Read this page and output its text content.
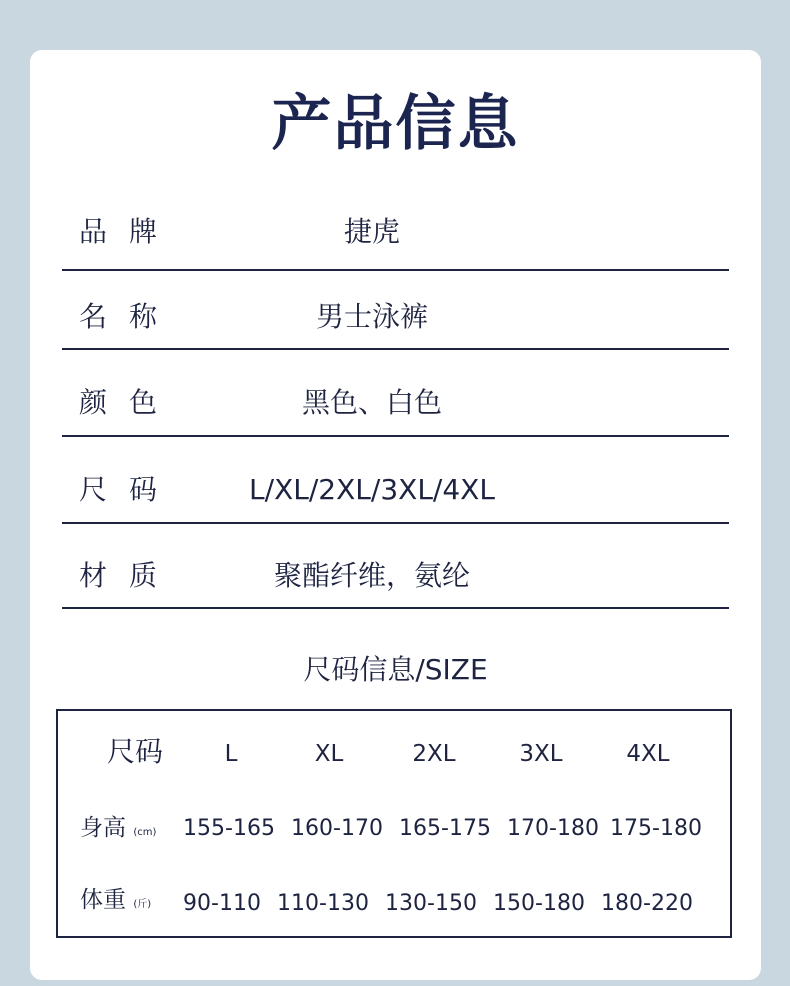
产品信息
品牌	捷虎
名称	男士泳裤
颜色	黑色、白色
尺码	L/XL/2XL/3XL/4XL
材质	聚酯纤维，氨纶
尺码信息/SIZE
尺码	L	XL	2XL	3XL	4XL
身高 (cm)	155-165 160-170 165-175 170-180 175-180
体重 (斤)	90-110 110-130 130-150 150-180 180-220
